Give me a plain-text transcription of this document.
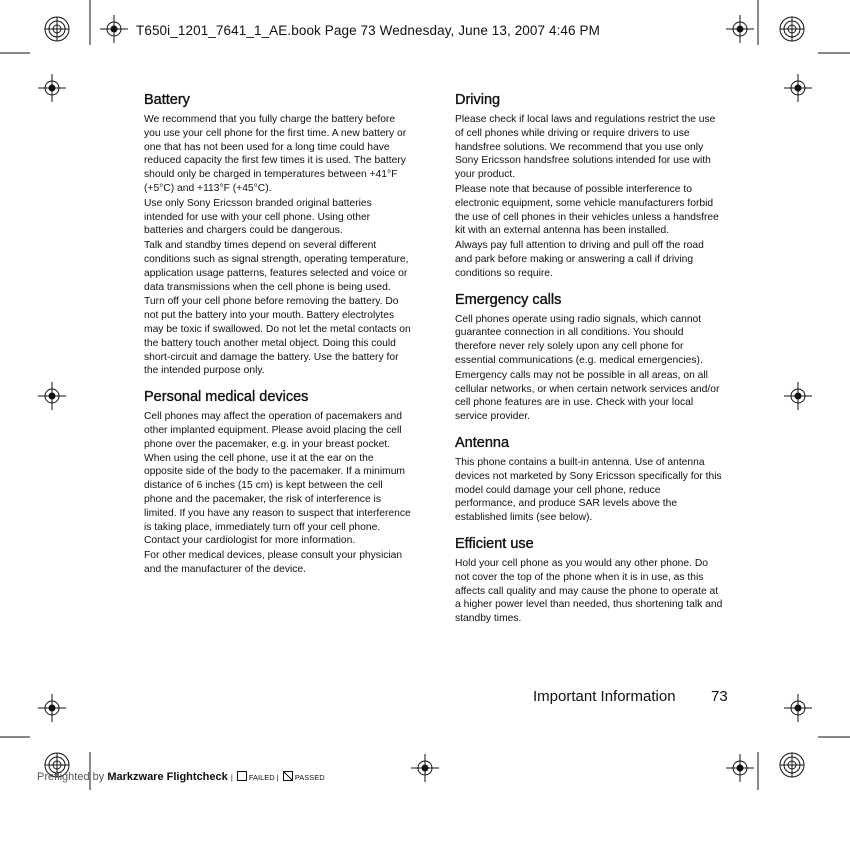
T650i_1201_7641_1_AE.book Page 73 Wednesday, June 13, 2007 4:46 PM
Battery

We recommend that you fully charge the battery before you use your cell phone for the first time. A new battery or one that has not been used for a long time could have reduced capacity the first few times it is used. The battery should only be charged in temperatures between +41°F (+5°C) and +113°F (+45°C).

Use only Sony Ericsson branded original batteries intended for use with your cell phone. Using other batteries and chargers could be dangerous.

Talk and standby times depend on several different conditions such as signal strength, operating temperature, application usage patterns, features selected and voice or data transmissions when the cell phone is being used.

Turn off your cell phone before removing the battery. Do not put the battery into your mouth. Battery electrolytes may be toxic if swallowed. Do not let the metal contacts on the battery touch another metal object. Doing this could short-circuit and damage the battery. Use the battery for the intended purpose only.

Personal medical devices

Cell phones may affect the operation of pacemakers and other implanted equipment. Please avoid placing the cell phone over the pacemaker, e.g. in your breast pocket. When using the cell phone, use it at the ear on the opposite side of the body to the pacemaker. If a minimum distance of 6 inches (15 cm) is kept between the cell phone and the pacemaker, the risk of interference is limited. If you have any reason to suspect that interference is taking place, immediately turn off your cell phone. Contact your cardiologist for more information.

For other medical devices, please consult your physician and the manufacturer of the device.

Driving

Please check if local laws and regulations restrict the use of cell phones while driving or require drivers to use handsfree solutions. We recommend that you use only Sony Ericsson handsfree solutions intended for use with your product.

Please note that because of possible interference to electronic equipment, some vehicle manufacturers forbid the use of cell phones in their vehicles unless a handsfree kit with an external antenna has been installed.

Always pay full attention to driving and pull off the road and park before making or answering a call if driving conditions so require.

Emergency calls

Cell phones operate using radio signals, which cannot guarantee connection in all conditions. You should therefore never rely solely upon any cell phone for essential communications (e.g. medical emergencies).

Emergency calls may not be possible in all areas, on all cellular networks, or when certain network services and/or cell phone features are in use. Check with your local service provider.

Antenna

This phone contains a built-in antenna. Use of antenna devices not marketed by Sony Ericsson specifically for this model could damage your cell phone, reduce performance, and produce SAR levels above the established limits (see below).

Efficient use

Hold your cell phone as you would any other phone. Do not cover the top of the phone when it is in use, as this affects call quality and may cause the phone to operate at a higher power level than needed, thus shortening talk and standby times.

Important Information 73
Preflighted by Markzware Flightcheck | FAILED | PASSED
